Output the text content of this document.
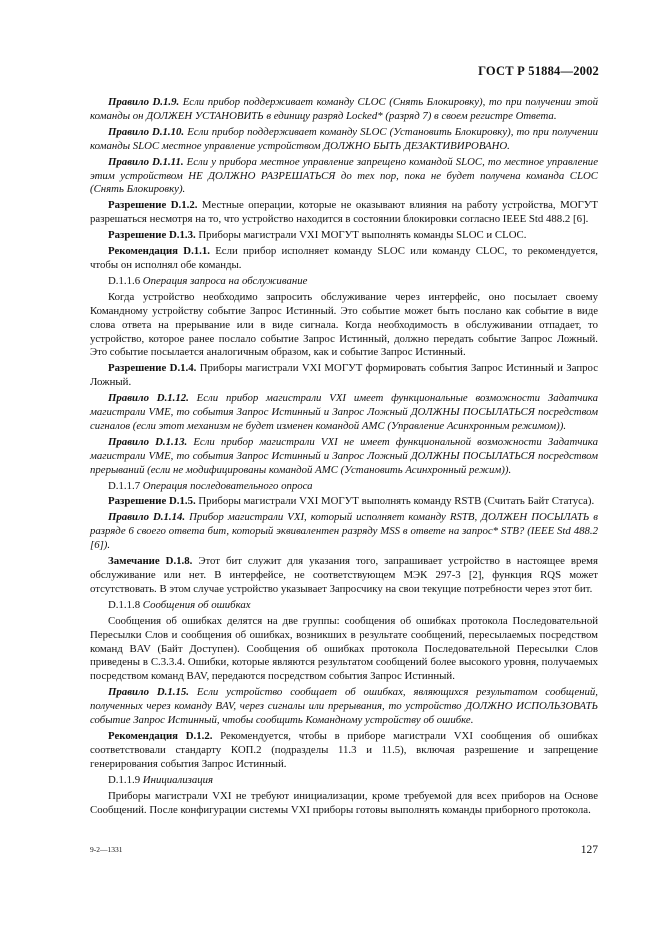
ГОСТ Р 51884—2002

Правило D.1.9. Если прибор поддерживает команду CLOC (Снять Блокировку), то при получении этой команды он ДОЛЖЕН УСТАНОВИТЬ в единицу разряд Locked* (разряд 7) в своем регистре Ответа.

Правило D.1.10. Если прибор поддерживает команду SLOC (Установить Блокировку), то при получении команды SLOC местное управление устройством ДОЛЖНО БЫТЬ ДЕЗАКТИВИРОВАНО.

Правило D.1.11. Если у прибора местное управление запрещено командой SLOC, то местное управление этим устройством НЕ ДОЛЖНО РАЗРЕШАТЬСЯ до тех пор, пока не будет получена команда CLOC (Снять Блокировку).

Разрешение D.1.2. Местные операции, которые не оказывают влияния на работу устройства, МОГУТ разрешаться несмотря на то, что устройство находится в состоянии блокировки согласно IEEE Std 488.2 [6].

Разрешение D.1.3. Приборы магистрали VXI МОГУТ выполнять команды SLOC и CLOC.

Рекомендация D.1.1. Если прибор исполняет команду SLOC или команду CLOC, то рекомендуется, чтобы он исполнял обе команды.

D.1.1.6 Операция запроса на обслуживание

Когда устройство необходимо запросить обслуживание через интерфейс, оно посылает своему Командному устройству событие Запрос Истинный. Это событие может быть послано как событие в виде слова ответа на прерывание или в виде сигнала. Когда необходимость в обслуживании отпадает, то устройство, которое ранее послало событие Запрос Истинный, должно передать событие Запрос Ложный. Это событие посылается аналогичным образом, как и событие Запрос Истинный.

Разрешение D.1.4. Приборы магистрали VXI МОГУТ формировать события Запрос Истинный и Запрос Ложный.

Правило D.1.12. Если прибор магистрали VXI имеет функциональные возможности Задатчика магистрали VME, то события Запрос Истинный и Запрос Ложный ДОЛЖНЫ ПОСЫЛАТЬСЯ посредством сигналов (если этот механизм не будет изменен командой AMC (Управление Асинхронным режимом)).

Правило D.1.13. Если прибор магистрали VXI не имеет функциональной возможности Задатчика магистрали VME, то события Запрос Истинный и Запрос Ложный ДОЛЖНЫ ПОСЫЛАТЬСЯ посредством прерываний (если не модифицированы командой AMC (Установить Асинхронный режим)).

D.1.1.7 Операция последовательного опроса

Разрешение D.1.5. Приборы магистрали VXI МОГУТ выполнять команду RSTB (Считать Байт Статуса).

Правило D.1.14. Прибор магистрали VXI, который исполняет команду RSTB, ДОЛЖЕН ПОСЫЛАТЬ в разряде 6 своего ответа бит, который эквивалентен разряду MSS в ответе на запрос* STB? (IEEE Std 488.2 [6]).

Замечание D.1.8. Этот бит служит для указания того, запрашивает устройство в настоящее время обслуживание или нет. В интерфейсе, не соответствующем МЭК 297-3 [2], функция RQS может отсутствовать. В этом случае устройство указывает Запросчику на свои текущие потребности через этот бит.

D.1.1.8 Сообщения об ошибках

Сообщения об ошибках делятся на две группы: сообщения об ошибках протокола Последовательной Пересылки Слов и сообщения об ошибках, возникших в результате сообщений, пересылаемых посредством команд BAV (Байт Доступен). Сообщения об ошибках протокола Последовательной Пересылки Слов приведены в С.3.3.4. Ошибки, которые являются результатом сообщений более высокого уровня, получаемых посредством команд BAV, передаются посредством события Запрос Истинный.

Правило D.1.15. Если устройство сообщает об ошибках, являющихся результатом сообщений, полученных через команду BAV, через сигналы или прерывания, то устройство ДОЛЖНО ИСПОЛЬЗОВАТЬ событие Запрос Истинный, чтобы сообщить Командному устройству об ошибке.

Рекомендация D.1.2. Рекомендуется, чтобы в приборе магистрали VXI сообщения об ошибках соответствовали стандарту КОП.2 (подразделы 11.3 и 11.5), включая разрешение и запрещение генерирования события Запрос Истинный.

D.1.1.9 Инициализация

Приборы магистрали VXI не требуют инициализации, кроме требуемой для всех приборов на Основе Сообщений. После конфигурации системы VXI приборы готовы выполнять команды приборного протокола.

9-2—1331	127
